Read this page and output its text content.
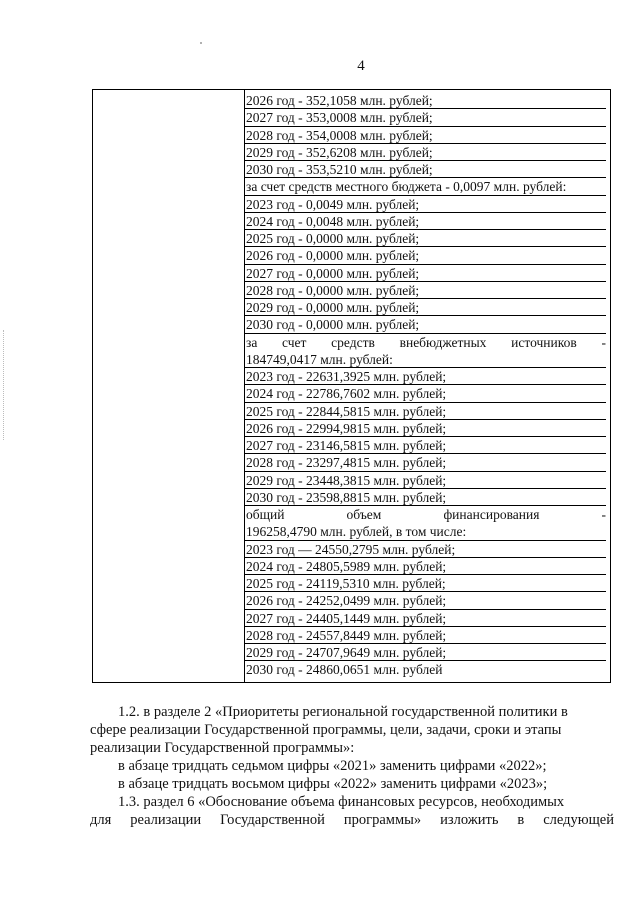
4
2026 год - 352,1058 млн. рублей;
2027 год - 353,0008 млн. рублей;
2028 год - 354,0008 млн. рублей;
2029 год - 352,6208 млн. рублей;
2030 год - 353,5210 млн. рублей;
за счет средств местного бюджета - 0,0097 млн. рублей:
2023 год - 0,0049 млн. рублей;
2024 год - 0,0048 млн. рублей;
2025 год - 0,0000 млн. рублей;
2026 год - 0,0000 млн. рублей;
2027 год - 0,0000 млн. рублей;
2028 год - 0,0000 млн. рублей;
2029 год - 0,0000 млн. рублей;
2030 год - 0,0000 млн. рублей;
за счет средств внебюджетных источников -
184749,0417 млн. рублей:
2023 год - 22631,3925 млн. рублей;
2024 год - 22786,7602 млн. рублей;
2025 год - 22844,5815 млн. рублей;
2026 год - 22994,9815 млн. рублей;
2027 год - 23146,5815 млн. рублей;
2028 год - 23297,4815 млн. рублей;
2029 год - 23448,3815 млн. рублей;
2030 год - 23598,8815 млн. рублей;
общий	объем	финансирования	-
196258,4790 млн. рублей, в том числе:
2023 год — 24550,2795 млн. рублей;
2024 год - 24805,5989 млн. рублей;
2025 год - 24119,5310 млн. рублей;
2026 год - 24252,0499 млн. рублей;
2027 год - 24405,1449 млн. рублей;
2028 год - 24557,8449 млн. рублей;
2029 год - 24707,9649 млн. рублей;
2030 год - 24860,0651 млн. рублей
1.2. в разделе 2 «Приоритеты региональной государственной политики в
сфере реализации Государственной программы, цели, задачи, сроки и этапы
реализации Государственной программы»:
в абзаце тридцать седьмом цифры «2021» заменить цифрами «2022»;
в абзаце тридцать восьмом цифры «2022» заменить цифрами «2023»;
1.3. раздел 6 «Обоснование объема финансовых ресурсов, необходимых
для реализации Государственной программы» изложить в следующей
